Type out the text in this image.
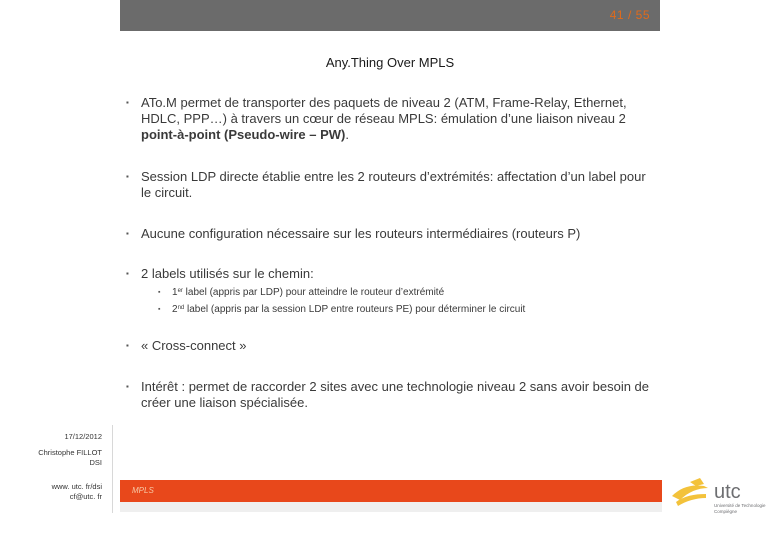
41 / 55
Any.Thing Over MPLS
▪ ATo.M permet de transporter des paquets de niveau 2 (ATM, Frame-Relay, Ethernet, HDLC, PPP…) à travers un cœur de réseau MPLS: émulation d’une liaison niveau 2 point-à-point (Pseudo-wire – PW).
▪ Session LDP directe établie entre les 2 routeurs d’extrémités: affectation d’un label pour le circuit.
▪ Aucune configuration nécessaire sur les routeurs intermédiaires (routeurs P)
▪ 2 labels utilisés sur le chemin:
▪ 1er label (appris par LDP) pour atteindre le routeur d’extrémité
▪ 2nd label (appris par la session LDP entre routeurs PE) pour déterminer le circuit
▪ « Cross-connect »
▪ Intérêt : permet de raccorder 2 sites avec une technologie niveau 2 sans avoir besoin de créer une liaison spécialisée.
17/12/2012
Christophe FILLOT
DSI
www. utc. fr/dsi
cf@utc. fr
MPLS	utc
Université de Technologie
Compiègne
